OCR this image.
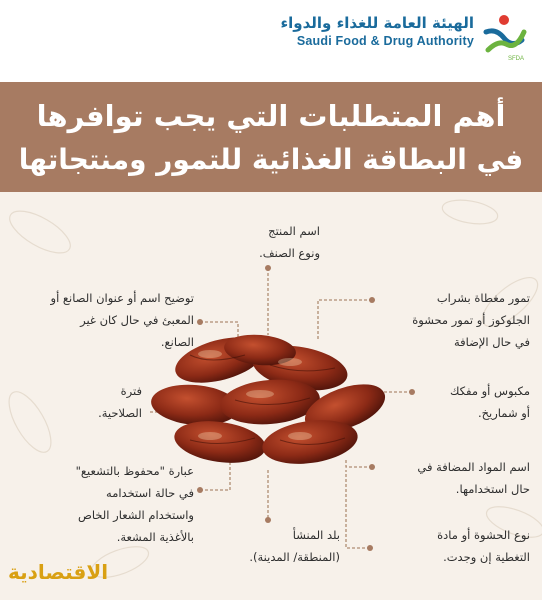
الهيئة العامة للغذاء والدواء
Saudi Food & Drug Authority
SFDA
أهم المتطلبات التي يجب توافرها
في البطاقة الغذائية للتمور ومنتجاتها
اسم المنتج
ونوع الصنف.
توضيح اسم أو عنوان الصانع أو
المعبئ في حال كان غير
الصانع.
فترة
الصلاحية.
عبارة "محفوظ بالتشعيع"
في حالة استخدامه
واستخدام الشعار الخاص
بالأغذية المشعة.	بلد المنشأ
(المنطقة/ المدينة).
تمور مغطاة بشراب
الجلوكوز أو تمور محشوة
في حال الإضافة
مكبوس أو مفكك
أو شماريخ.
اسم المواد المضافة في
حال استخدامها.
نوع الحشوة أو مادة
التغطية إن وجدت.
الاقتصادية
